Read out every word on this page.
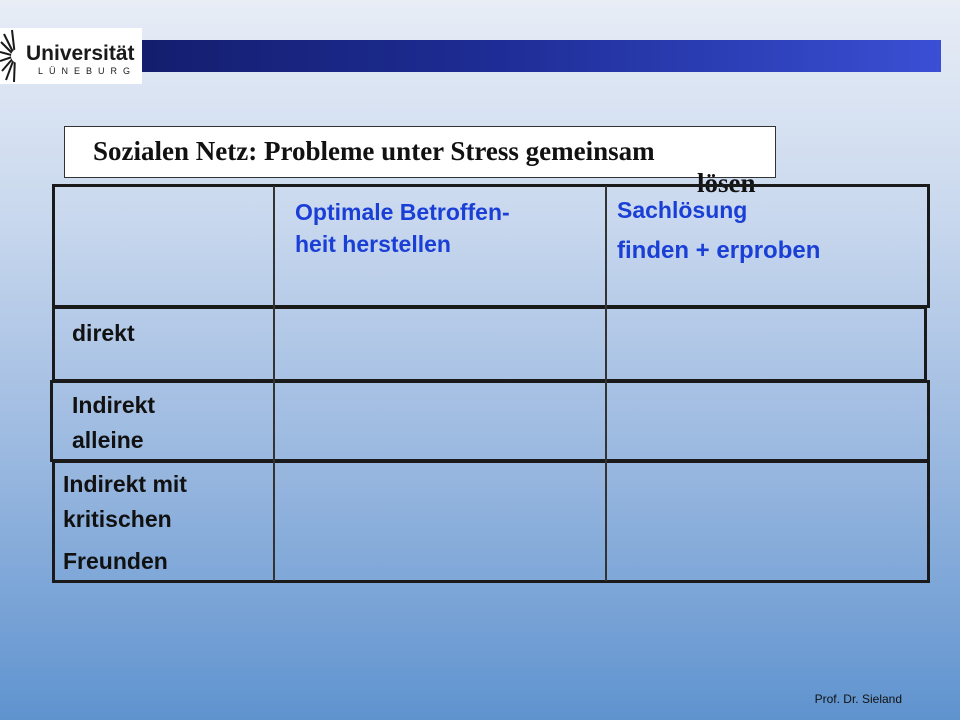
Universität
LÜNEBURG
Sozialen Netz: Probleme unter Stress gemeinsam
lösen
Optimale Betroffen-
heit herstellen
Sachlösung
finden + erproben
direkt
Indirekt
alleine
Indirekt mit
kritischen
Freunden
Prof. Dr. Sieland
